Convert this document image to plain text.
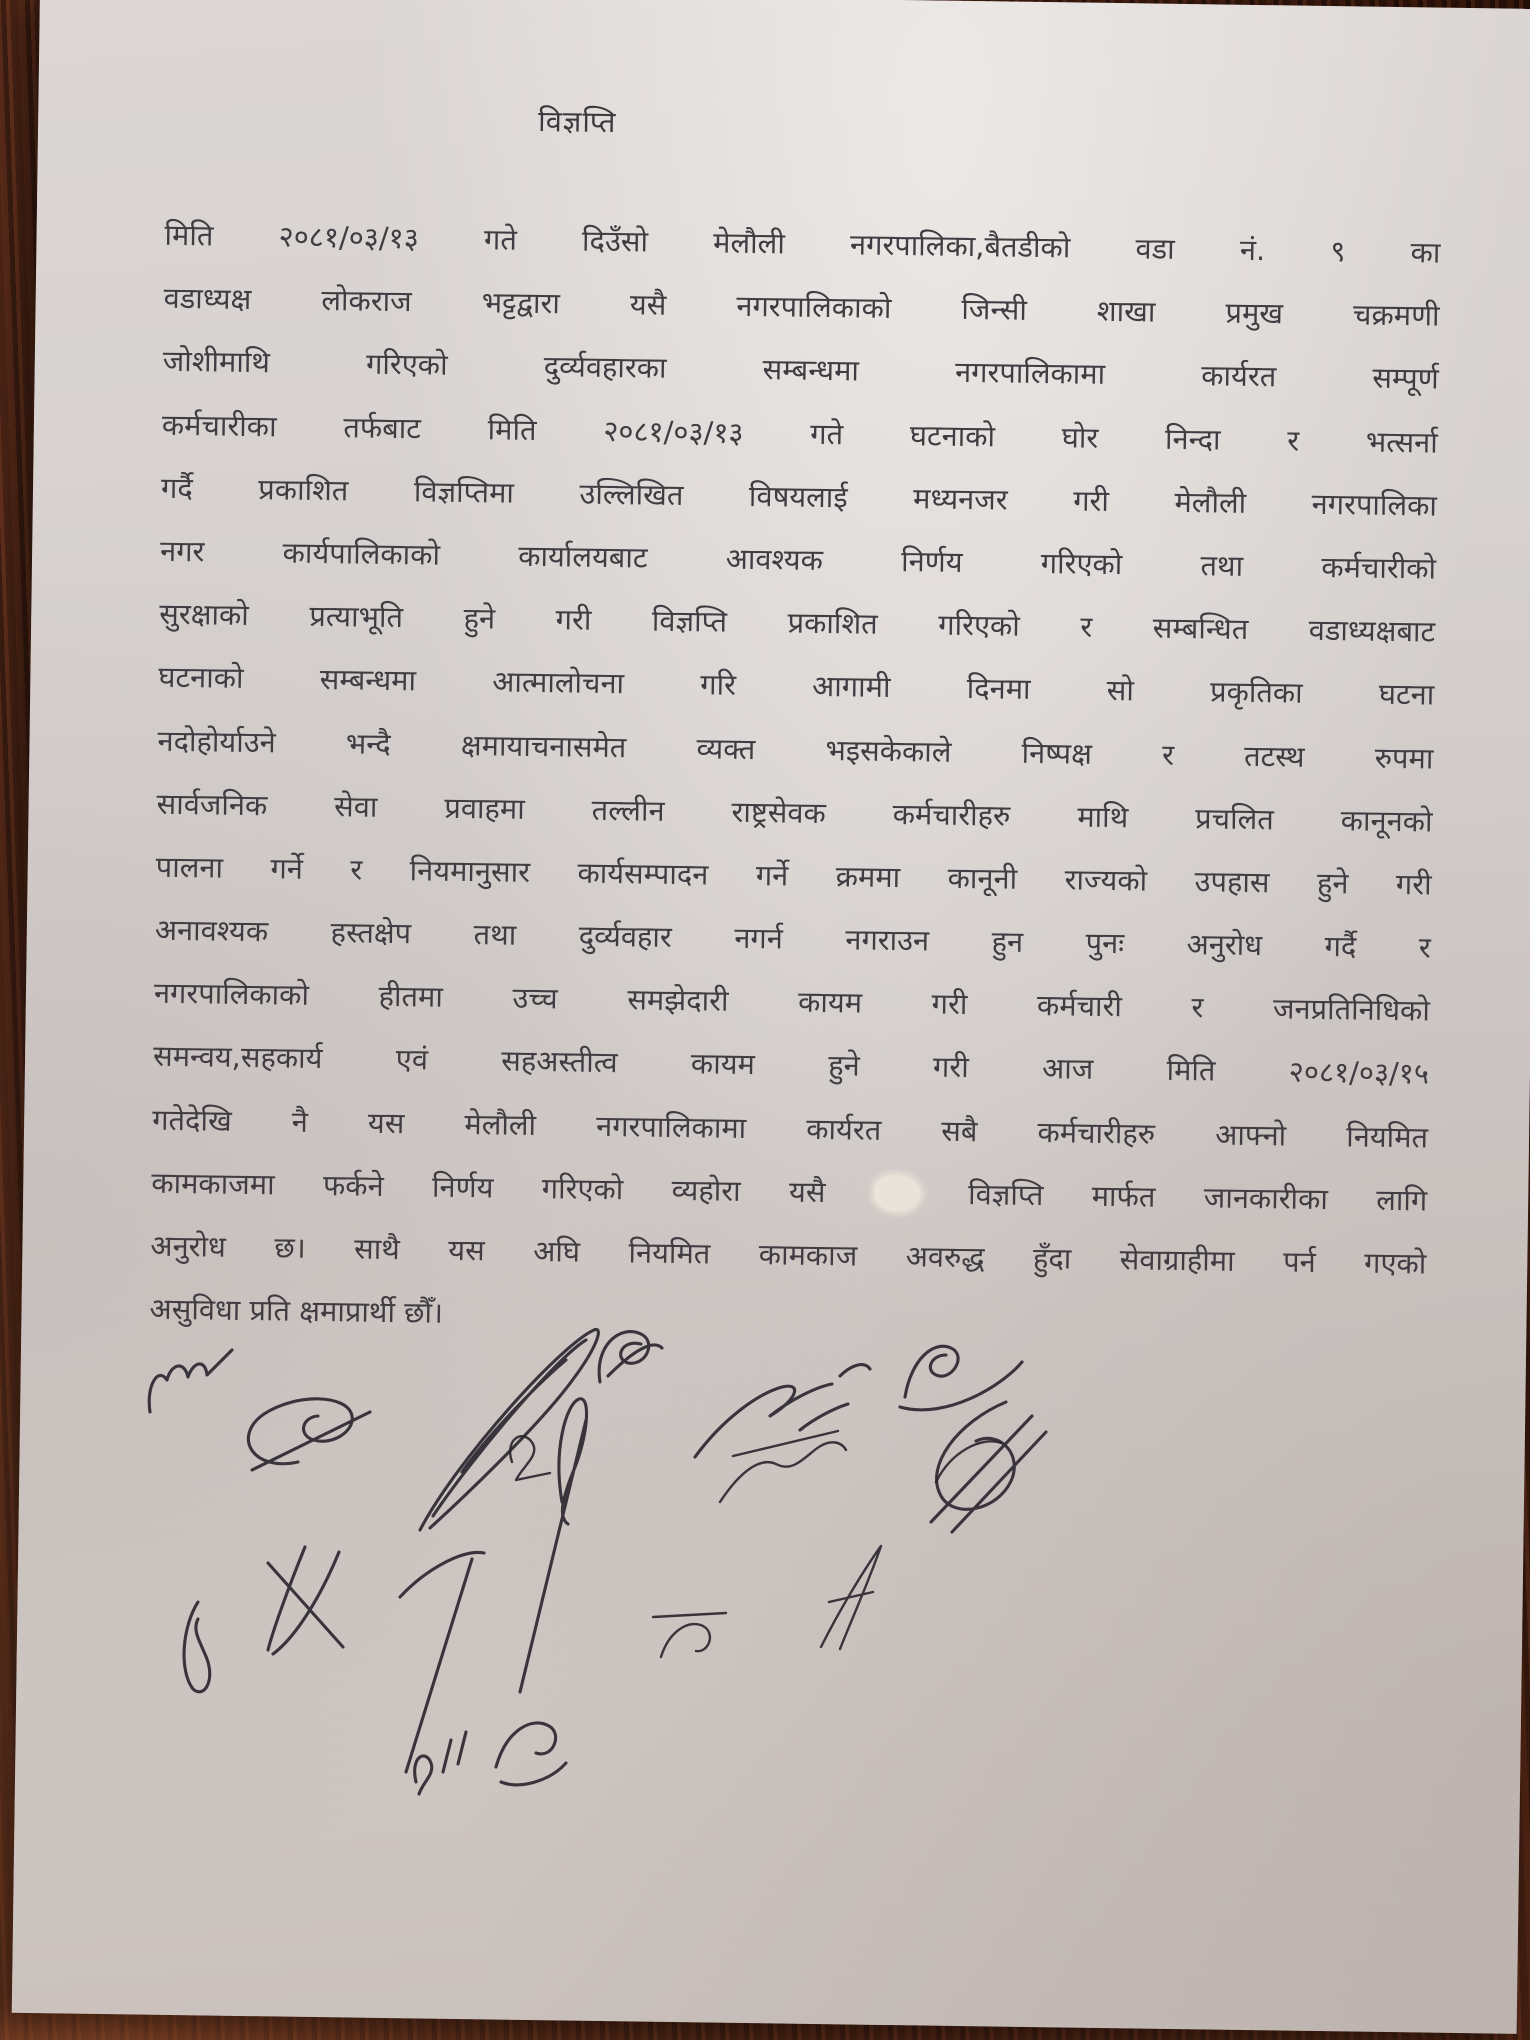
विज्ञप्ति
मिति २०८१/०३/१३ गते दिउँसो मेलौली नगरपालिका,बैतडीको वडा नं. ९ का
वडाध्यक्ष लोकराज भट्टद्वारा यसै नगरपालिकाको जिन्सी शाखा प्रमुख चक्रमणी
जोशीमाथि गरिएको दुर्व्यवहारका सम्बन्धमा नगरपालिकामा कार्यरत सम्पूर्ण
कर्मचारीका तर्फबाट मिति २०८१/०३/१३ गते घटनाको घोर निन्दा र भत्सर्ना
गर्दै प्रकाशित विज्ञप्तिमा उल्लिखित विषयलाई मध्यनजर गरी मेलौली नगरपालिका
नगर कार्यपालिकाको कार्यालयबाट आवश्यक निर्णय गरिएको तथा कर्मचारीको
सुरक्षाको प्रत्याभूति हुने गरी विज्ञप्ति प्रकाशित गरिएको र सम्बन्धित वडाध्यक्षबाट
घटनाको सम्बन्धमा आत्मालोचना गरि आगामी दिनमा सो प्रकृतिका घटना
नदोहोर्याउने भन्दै क्षमायाचनासमेत व्यक्त भइसकेकाले निष्पक्ष र तटस्थ रुपमा
सार्वजनिक सेवा प्रवाहमा तल्लीन राष्ट्रसेवक कर्मचारीहरु माथि प्रचलित कानूनको
पालना गर्ने र नियमानुसार कार्यसम्पादन गर्ने क्रममा कानूनी राज्यको उपहास हुने गरी
अनावश्यक हस्तक्षेप तथा दुर्व्यवहार नगर्न नगराउन हुन पुनः अनुरोध गर्दै र
नगरपालिकाको हीतमा उच्च समझेदारी कायम गरी कर्मचारी र जनप्रतिनिधिको
समन्वय,सहकार्य एवं सहअस्तीत्व कायम हुने गरी आज मिति २०८१/०३/१५
गतेदेखि नै यस मेलौली नगरपालिकामा कार्यरत सबै कर्मचारीहरु आफ्नो नियमित
कामकाजमा फर्कने निर्णय गरिएको व्यहोरा यसै	विज्ञप्ति मार्फत जानकारीका लागि
अनुरोध छ। साथै यस अघि नियमित कामकाज अवरुद्ध हुँदा सेवाग्राहीमा पर्न गएको
असुविधा प्रति क्षमाप्रार्थी छौँ।
